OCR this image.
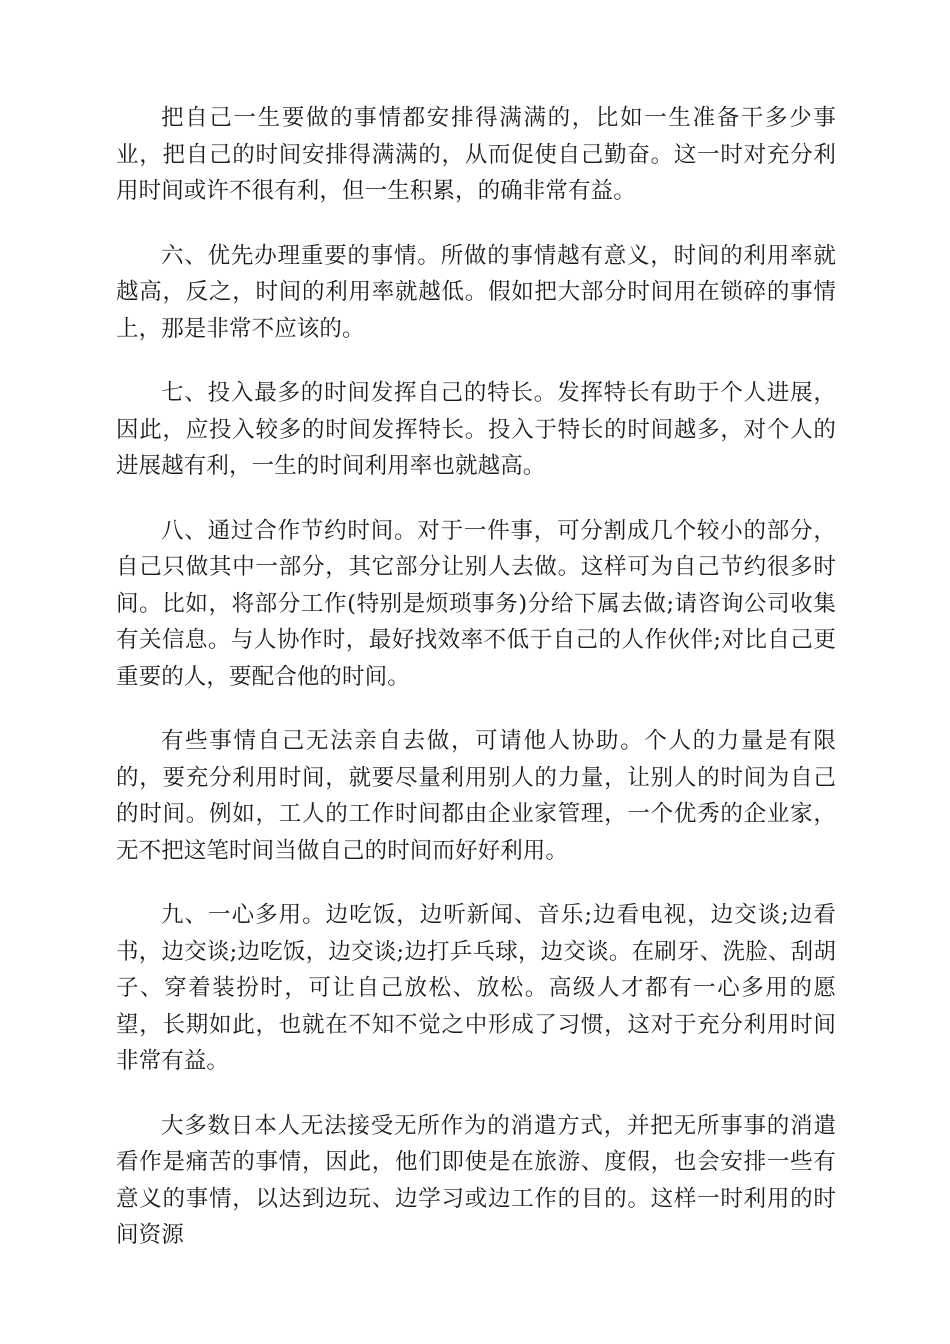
把自己一生要做的事情都安排得满满的，比如一生准备干多少事业，把自己的时间安排得满满的，从而促使自己勤奋。这一时对充分利用时间或许不很有利，但一生积累，的确非常有益。

六、优先办理重要的事情。所做的事情越有意义，时间的利用率就越高，反之，时间的利用率就越低。假如把大部分时间用在锁碎的事情上，那是非常不应该的。

七、投入最多的时间发挥自己的特长。发挥特长有助于个人进展，因此，应投入较多的时间发挥特长。投入于特长的时间越多，对个人的进展越有利，一生的时间利用率也就越高。

八、通过合作节约时间。对于一件事，可分割成几个较小的部分，自己只做其中一部分，其它部分让别人去做。这样可为自己节约很多时间。比如，将部分工作(特别是烦琐事务)分给下属去做;请咨询公司收集有关信息。与人协作时，最好找效率不低于自己的人作伙伴;对比自己更重要的人，要配合他的时间。

有些事情自己无法亲自去做，可请他人协助。个人的力量是有限的，要充分利用时间，就要尽量利用别人的力量，让别人的时间为自己的时间。例如，工人的工作时间都由企业家管理，一个优秀的企业家，无不把这笔时间当做自己的时间而好好利用。

九、一心多用。边吃饭，边听新闻、音乐;边看电视，边交谈;边看书，边交谈;边吃饭，边交谈;边打乒乓球，边交谈。在刷牙、洗脸、刮胡子、穿着装扮时，可让自己放松、放松。高级人才都有一心多用的愿望，长期如此，也就在不知不觉之中形成了习惯，这对于充分利用时间非常有益。

大多数日本人无法接受无所作为的消遣方式，并把无所事事的消遣看作是痛苦的事情，因此，他们即使是在旅游、度假，也会安排一些有意义的事情，以达到边玩、边学习或边工作的目的。这样一时利用的时间资源
